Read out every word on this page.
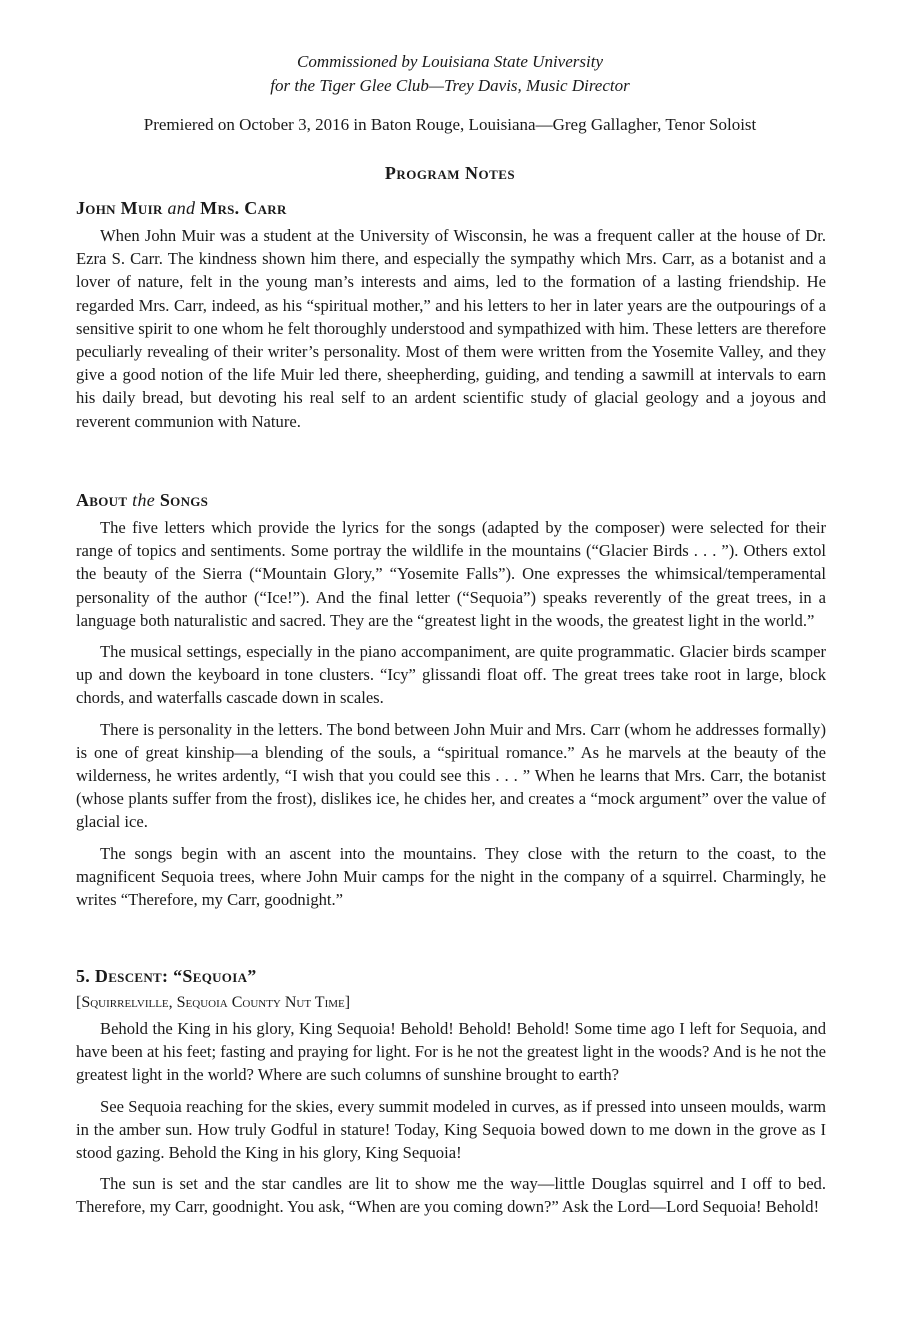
Commissioned by Louisiana State University
for the Tiger Glee Club—Trey Davis, Music Director
Premiered on October 3, 2016 in Baton Rouge, Louisiana—Greg Gallagher, Tenor Soloist
Program Notes
John Muir and Mrs. Carr

When John Muir was a student at the University of Wisconsin, he was a frequent caller at the house of Dr. Ezra S. Carr. The kindness shown him there, and especially the sympathy which Mrs. Carr, as a botanist and a lover of nature, felt in the young man’s interests and aims, led to the formation of a lasting friendship. He regarded Mrs. Carr, indeed, as his “spiritual mother,” and his letters to her in later years are the outpourings of a sensitive spirit to one whom he felt thoroughly understood and sympathized with him. These letters are therefore peculiarly revealing of their writer’s personality. Most of them were written from the Yosemite Valley, and they give a good notion of the life Muir led there, sheepherding, guiding, and tending a sawmill at intervals to earn his daily bread, but devoting his real self to an ardent scientific study of glacial geology and a joyous and reverent communion with Nature.

About the Songs

The five letters which provide the lyrics for the songs (adapted by the composer) were selected for their range of topics and sentiments. Some portray the wildlife in the mountains (“Glacier Birds . . . ”). Others extol the beauty of the Sierra (“Mountain Glory,” “Yosemite Falls”). One expresses the whimsical/temperamental personality of the author (“Ice!”). And the final letter (“Sequoia”) speaks reverently of the great trees, in a language both naturalistic and sacred. They are the “greatest light in the woods, the greatest light in the world.”

The musical settings, especially in the piano accompaniment, are quite programmatic. Glacier birds scamper up and down the keyboard in tone clusters. “Icy” glissandi float off. The great trees take root in large, block chords, and waterfalls cascade down in scales.

There is personality in the letters. The bond between John Muir and Mrs. Carr (whom he addresses formally) is one of great kinship—a blending of the souls, a “spiritual romance.” As he marvels at the beauty of the wilderness, he writes ardently, “I wish that you could see this . . . ” When he learns that Mrs. Carr, the botanist (whose plants suffer from the frost), dislikes ice, he chides her, and creates a “mock argument” over the value of glacial ice.

The songs begin with an ascent into the mountains. They close with the return to the coast, to the magnificent Sequoia trees, where John Muir camps for the night in the company of a squirrel. Charmingly, he writes “Therefore, my Carr, goodnight.”

5. Descent: “Sequoia”
[Squirrelville, Sequoia County Nut Time]

Behold the King in his glory, King Sequoia! Behold! Behold! Behold! Some time ago I left for Sequoia, and have been at his feet; fasting and praying for light. For is he not the greatest light in the woods? And is he not the greatest light in the world? Where are such columns of sunshine brought to earth?

See Sequoia reaching for the skies, every summit modeled in curves, as if pressed into unseen moulds, warm in the amber sun. How truly Godful in stature! Today, King Sequoia bowed down to me down in the grove as I stood gazing. Behold the King in his glory, King Sequoia!

The sun is set and the star candles are lit to show me the way—little Douglas squirrel and I off to bed. Therefore, my Carr, goodnight. You ask, “When are you coming down?” Ask the Lord—Lord Sequoia! Behold!
